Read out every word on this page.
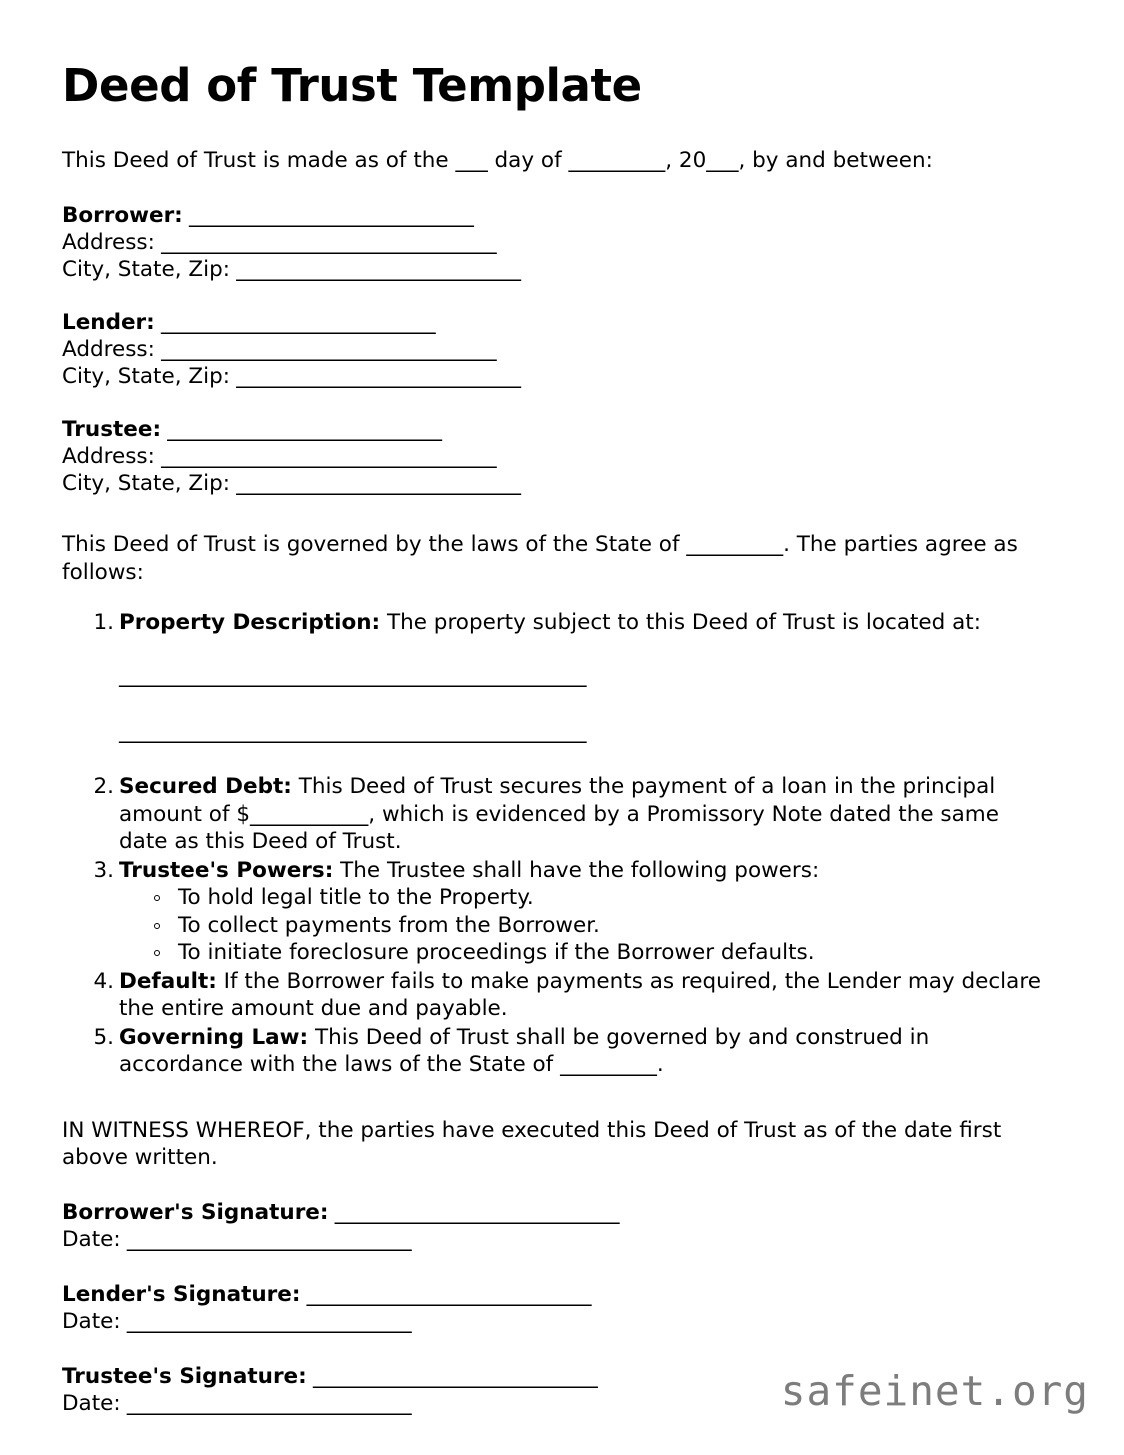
Deed of Trust Template

This Deed of Trust is made as of the ___ day of _________, 20___, by and between:

Borrower: ____________________________
Address: _________________________________
City, State, Zip: ____________________________
Lender: ___________________________
Address: _________________________________
City, State, Zip: ____________________________
Trustee: ___________________________
Address: _________________________________
City, State, Zip: ____________________________

This Deed of Trust is governed by the laws of the State of _________. The parties agree as follows:

Property Description: The property subject to this Deed of Trust is located at:
______________________________________________
______________________________________________
Secured Debt: This Deed of Trust secures the payment of a loan in the principal amount of $___________, which is evidenced by a Promissory Note dated the same date as this Deed of Trust.
Trustee's Powers: The Trustee shall have the following powers:
To hold legal title to the Property.
To collect payments from the Borrower.
To initiate foreclosure proceedings if the Borrower defaults.
Default: If the Borrower fails to make payments as required, the Lender may declare the entire amount due and payable.
Governing Law: This Deed of Trust shall be governed by and construed in accordance with the laws of the State of _________.

IN WITNESS WHEREOF, the parties have executed this Deed of Trust as of the date first above written.

Borrower's Signature: ____________________________
Date: ____________________________
Lender's Signature: ____________________________
Date: ____________________________
Trustee's Signature: ____________________________
Date: ____________________________	safeinet.org
